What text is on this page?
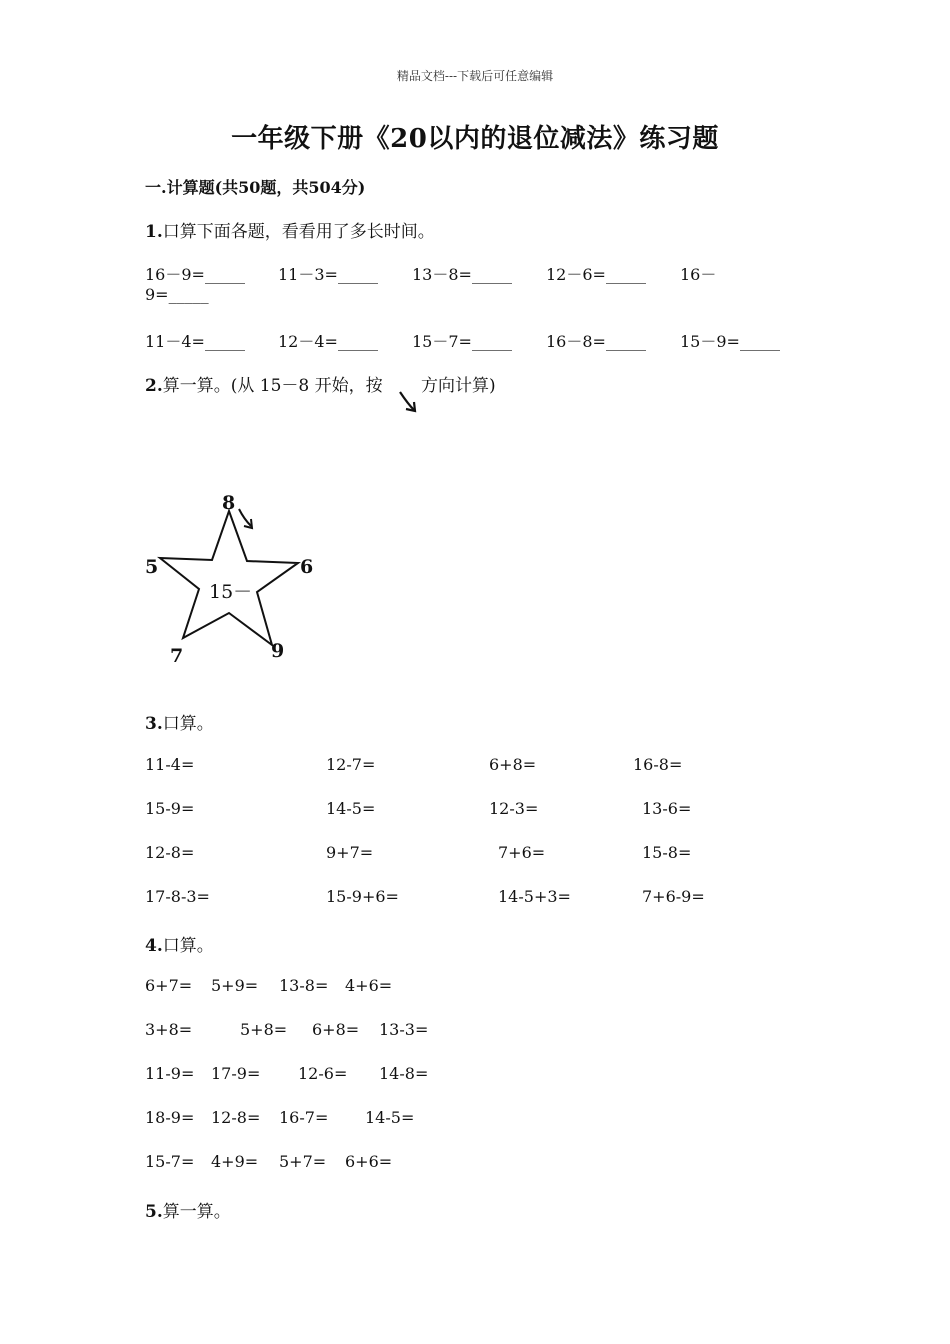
精品文档---下载后可任意编辑
一年级下册《20以内的退位减法》练习题
一.计算题(共50题，共504分)
1.口算下面各题，看看用了多长时间。
16－9=_____ 11－3=_____ 13－8=_____ 12－6=_____ 16－
9=_____
11－4=_____ 12－4=_____ 15－7=_____ 16－8=_____ 15－9=_____
2.算一算。(从 15－8 开始，按 方向计算)
8
6
9
7
5
15－
3.口算。
11-4=	12-7=	6+8=	16-8=
15-9=	14-5=	12-3=	13-6=
12-8=	9+7=	7+6=	15-8=
17-8-3=	15-9+6=	14-5+3=	7+6-9=
4.口算。
6+7= 5+9= 13-8= 4+6=
3+8=	5+8= 6+8= 13-3=
11-9= 17-9= 12-6= 14-8=
18-9= 12-8= 16-7= 14-5=
15-7= 4+9= 5+7= 6+6=
5.算一算。
